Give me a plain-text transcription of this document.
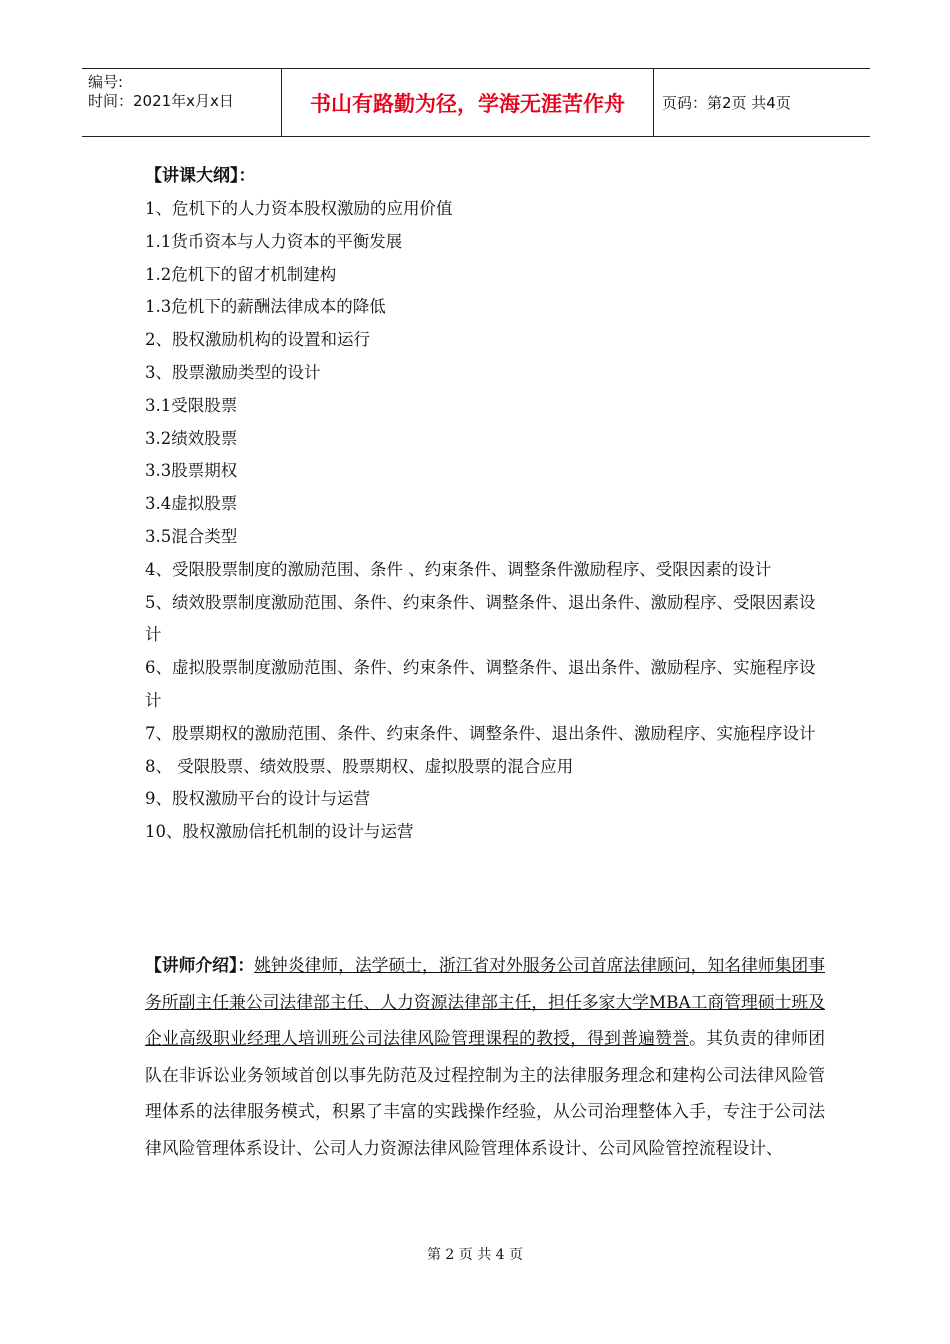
编号:
时间：2021年x月x日	书山有路勤为径，学海无涯苦作舟	页码：第2页 共4页
【讲课大纲】：
1、危机下的人力资本股权激励的应用价值
1.1货币资本与人力资本的平衡发展
1.2危机下的留才机制建构
1.3危机下的薪酬法律成本的降低
2、股权激励机构的设置和运行
3、股票激励类型的设计
3.1受限股票
3.2绩效股票
3.3股票期权
3.4虚拟股票
3.5混合类型
4、受限股票制度的激励范围、条件 、约束条件、调整条件激励程序、受限因素的设计
5、绩效股票制度激励范围、条件、约束条件、调整条件、退出条件、激励程序、受限因素设计
6、虚拟股票制度激励范围、条件、约束条件、调整条件、退出条件、激励程序、实施程序设计
7、股票期权的激励范围、条件、约束条件、调整条件、退出条件、激励程序、实施程序设计
8、 受限股票、绩效股票、股票期权、虚拟股票的混合应用
9、股权激励平台的设计与运营
10、股权激励信托机制的设计与运营

【讲师介绍】：姚钟炎律师，法学硕士，浙江省对外服务公司首席法律顾问，知名律师集团事务所副主任兼公司法律部主任、人力资源法律部主任，担任多家大学MBA工商管理硕士班及企业高级职业经理人培训班公司法律风险管理课程的教授，得到普遍赞誉。其负责的律师团队在非诉讼业务领域首创以事先防范及过程控制为主的法律服务理念和建构公司法律风险管理体系的法律服务模式，积累了丰富的实践操作经验，从公司治理整体入手，专注于公司法律风险管理体系设计、公司人力资源法律风险管理体系设计、公司风险管控流程设计、

第 2 页 共 4 页
